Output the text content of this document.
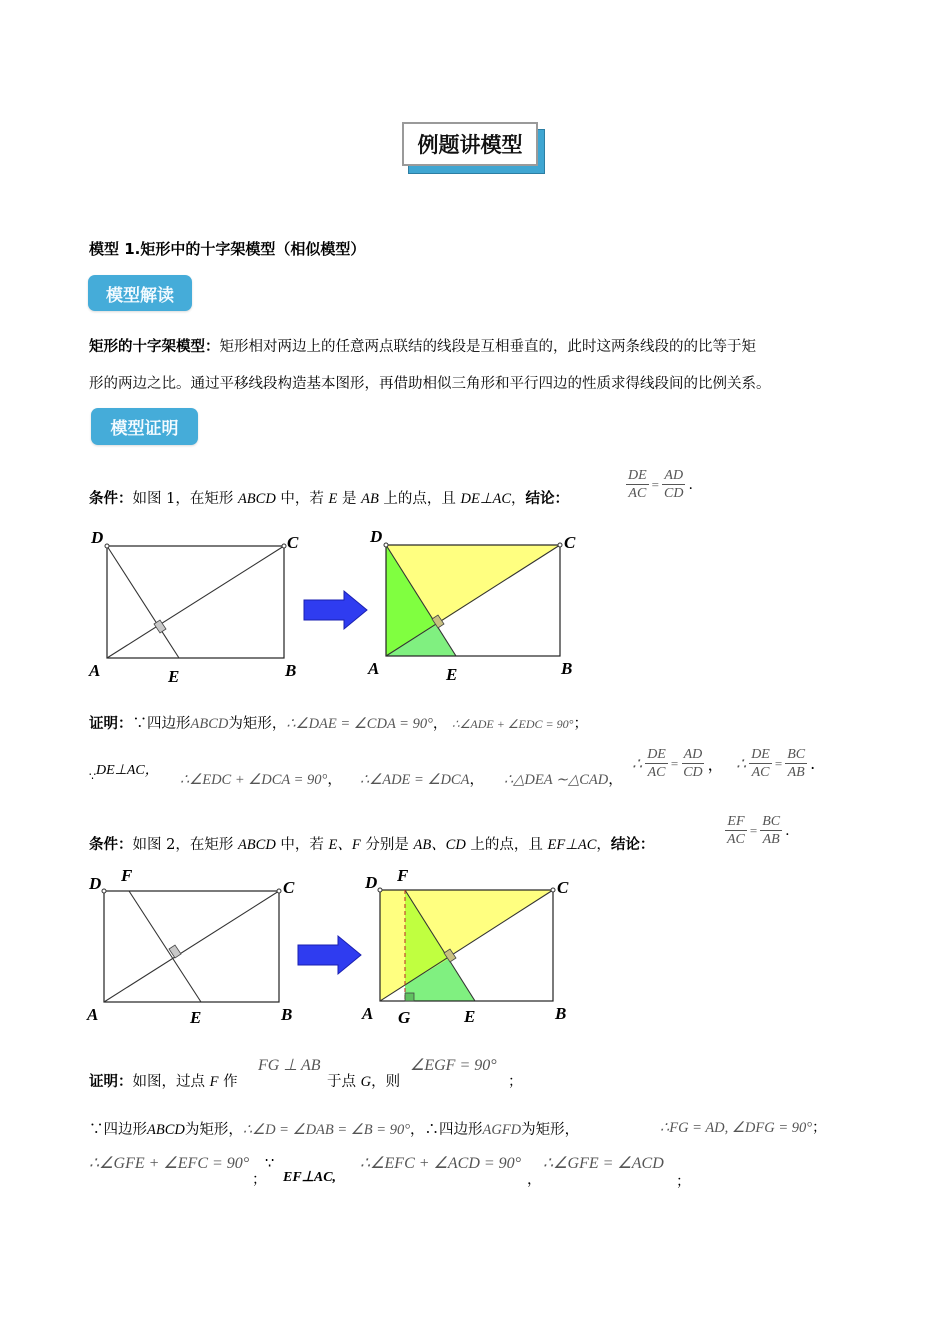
例题讲模型
模型 1.矩形中的十字架模型（相似模型）
模型解读
矩形的十字架模型：矩形相对两边上的任意两点联结的线段是互相垂直的，此时这两条线段的的比等于矩
形的两边之比。通过平移线段构造基本图形，再借助相似三角形和平行四边的性质求得线段间的比例关系。
模型证明
条件：如图 1，在矩形 ABCD 中，若 E 是 AB 上的点，且 DE⊥AC，结论：	$\frac{DE}{AC} = \frac{AD}{CD}$ .
D	C
A	E	B
D	C
A	E	B
证明：∵四边形ABCD为矩形，∴∠DAE = ∠CDA = 90°， ∴∠ADE + ∠EDC = 90°；
∵DE⊥AC，
∴∠EDC + ∠DCA = 90°， ∴∠ADE = ∠DCA， ∴△DEA ∼△CAD，
∴ $\frac{DE}{AC} = \frac{AD}{CD}$ ， ∴ $\frac{DE}{AC} = \frac{BC}{AB}$ .
条件：如图 2，在矩形 ABCD 中，若 E、F 分别是 AB、CD 上的点，且 EF⊥AC，结论：	$\frac{EF}{AC} = \frac{BC}{AB}$ .
D F
C
A	E	B
D F
C
A G	E	B
证明：如图，过点 F 作
FG ⊥ AB
于点 G，则
∠EGF = 90°
；
∵四边形ABCD为矩形，∴∠D = ∠DAB = ∠B = 90°，∴四边形AGFD为矩形，	∴FG = AD, ∠DFG = 90°；
∴∠GFE + ∠EFC = 90°
；
∵
EF⊥AC,
∴∠EFC + ∠ACD = 90°
，
∴∠GFE = ∠ACD
；
